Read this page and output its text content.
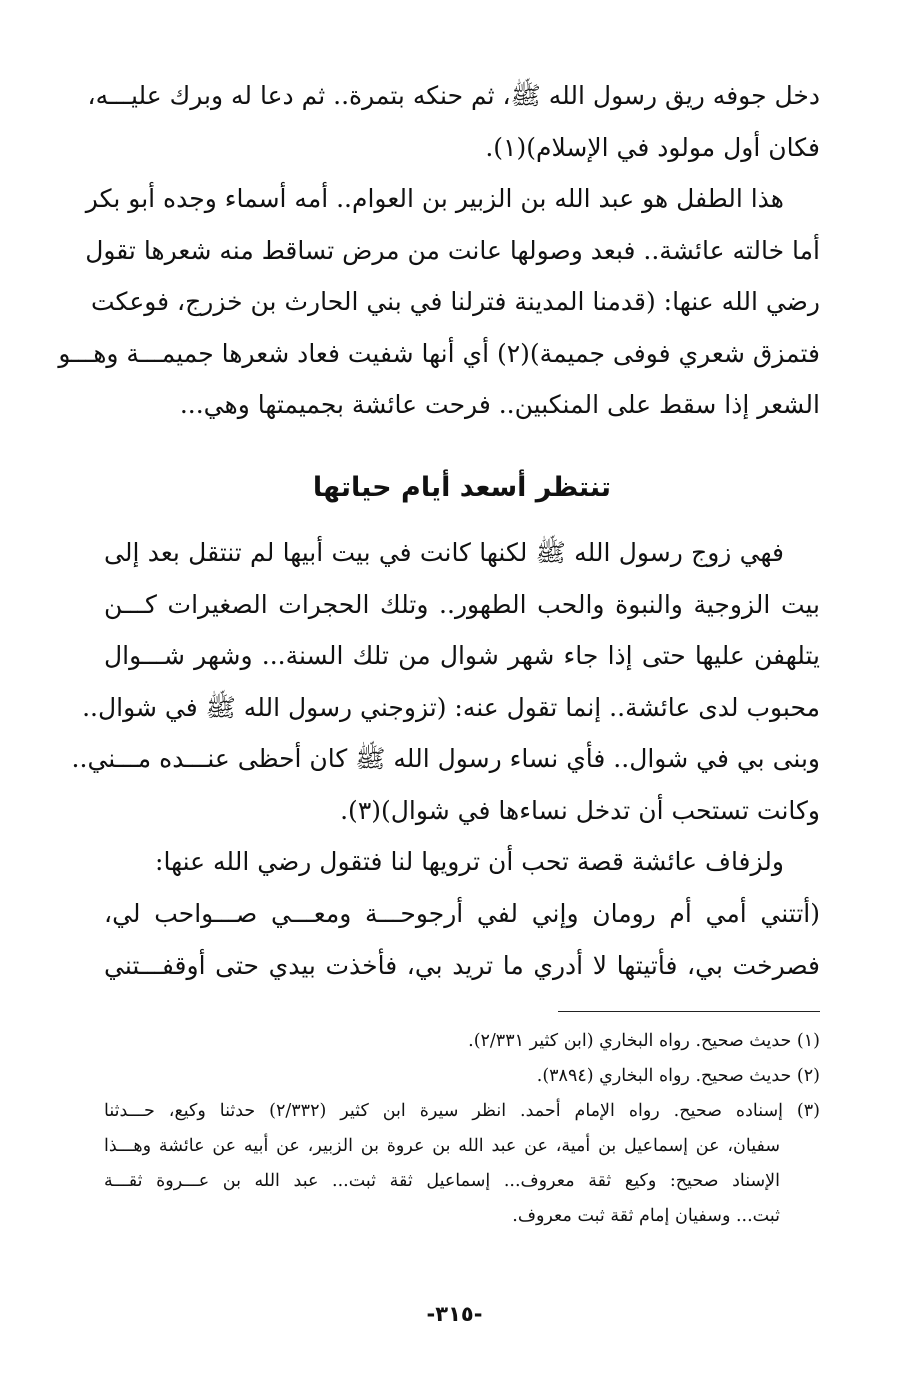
دخل جوفه ريق رسول الله ﷺ، ثم حنكه بتمرة.. ثم دعا له وبرك عليـــه،
فكان أول مولود في الإسلام)(١).
هذا الطفل هو عبد الله بن الزبير بن العوام.. أمه أسماء وجده أبو بكر
أما خالته عائشة.. فبعد وصولها عانت من مرض تساقط منه شعرها تقول
رضي الله عنها: (قدمنا المدينة فترلنا في بني الحارث بن خزرج، فوعكت
فتمزق شعري فوفى جميمة)(٢) أي أنها شفيت فعاد شعرها جميمـــة وهـــو
الشعر إذا سقط على المنكبين.. فرحت عائشة بجميمتها وهي...
تنتظر أسعد أيام حياتها
فهي زوج رسول الله ﷺ لكنها كانت في بيت أبيها لم تنتقل بعد إلى
بيت الزوجية والنبوة والحب الطهور.. وتلك الحجرات الصغيرات كـــن
يتلهفن عليها حتى إذا جاء شهر شوال من تلك السنة... وشهر شـــوال
محبوب لدى عائشة.. إنما تقول عنه: (تزوجني رسول الله ﷺ في شوال..
وبنى بي في شوال.. فأي نساء رسول الله ﷺ كان أحظى عنـــده مـــني..
وكانت تستحب أن تدخل نساءها في شوال)(٣).
ولزفاف عائشة قصة تحب أن ترويها لنا فتقول رضي الله عنها:
(أتتني أمي أم رومان وإني لفي أرجوحـــة ومعـــي صـــواحب لي،
فصرخت بي، فأتيتها لا أدري ما تريد بي، فأخذت بيدي حتى أوقفـــتني
(١) حديث صحيح. رواه البخاري (ابن كثير ٢/٣٣١).
(٢) حديث صحيح. رواه البخاري (٣٨٩٤).
(٣) إسناده صحيح. رواه الإمام أحمد. انظر سيرة ابن كثير (٢/٣٣٢) حدثنا وكيع، حـــدثنا
سفيان، عن إسماعيل بن أمية، عن عبد الله بن عروة بن الزبير، عن أبيه عن عائشة وهـــذا
الإسناد صحيح: وكيع ثقة معروف... إسماعيل ثقة ثبت... عبد الله بن عـــروة ثقـــة
ثبت... وسفيان إمام ثقة ثبت معروف.
-٣١٥-
